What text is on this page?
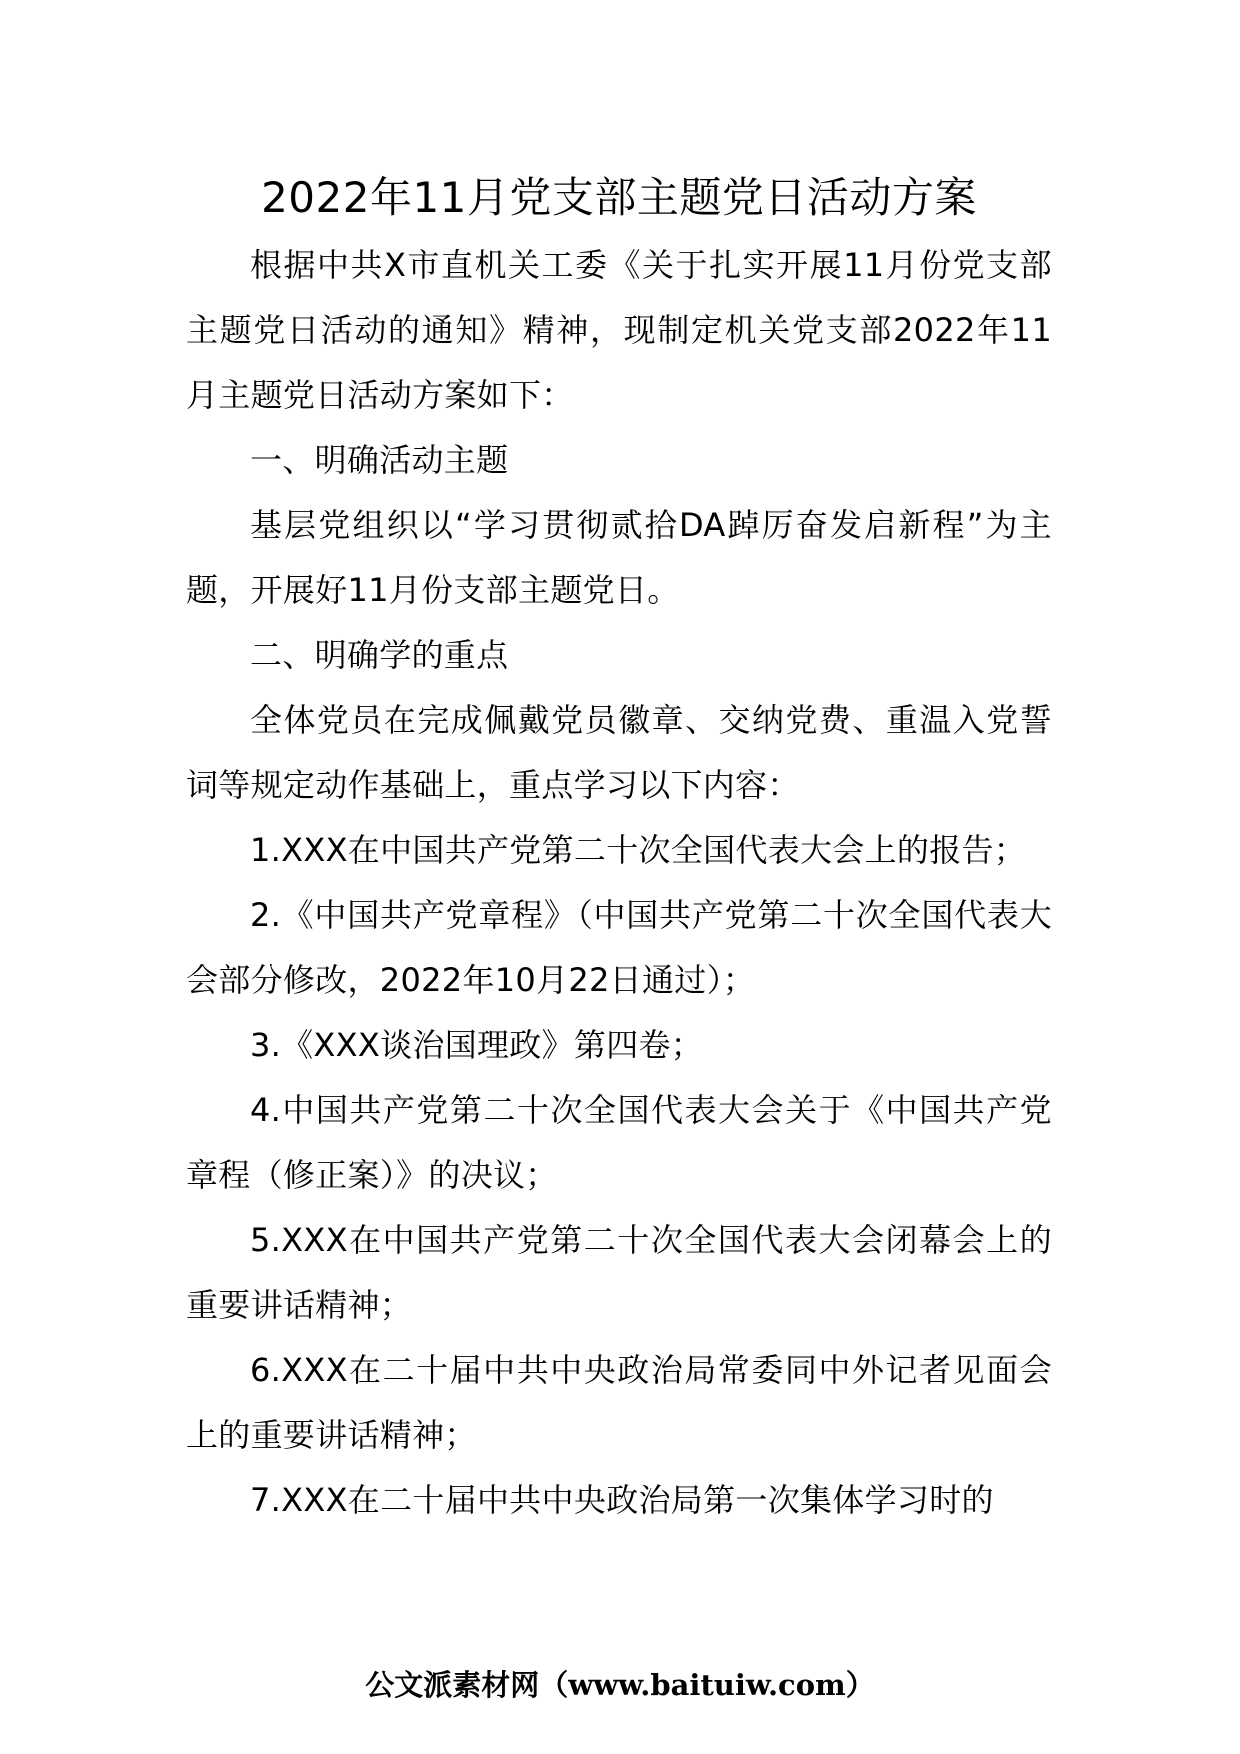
2022年11月党支部主题党日活动方案

根据中共X市直机关工委《关于扎实开展11月份党支部主题党日活动的通知》精神，现制定机关党支部2022年11月主题党日活动方案如下：

一、明确活动主题

基层党组织以“学习贯彻贰拾DA踔厉奋发启新程”为主题，开展好11月份支部主题党日。

二、明确学的重点

全体党员在完成佩戴党员徽章、交纳党费、重温入党誓词等规定动作基础上，重点学习以下内容：

1.XXX在中国共产党第二十次全国代表大会上的报告；

2.《中国共产党章程》（中国共产党第二十次全国代表大会部分修改，2022年10月22日通过）；

3.《XXX谈治国理政》第四卷；

4.中国共产党第二十次全国代表大会关于《中国共产党章程（修正案）》的决议；

5.XXX在中国共产党第二十次全国代表大会闭幕会上的重要讲话精神；

6.XXX在二十届中共中央政治局常委同中外记者见面会上的重要讲话精神；

7.XXX在二十届中共中央政治局第一次集体学习时的

公文派素材网（www.baituiw.com）
